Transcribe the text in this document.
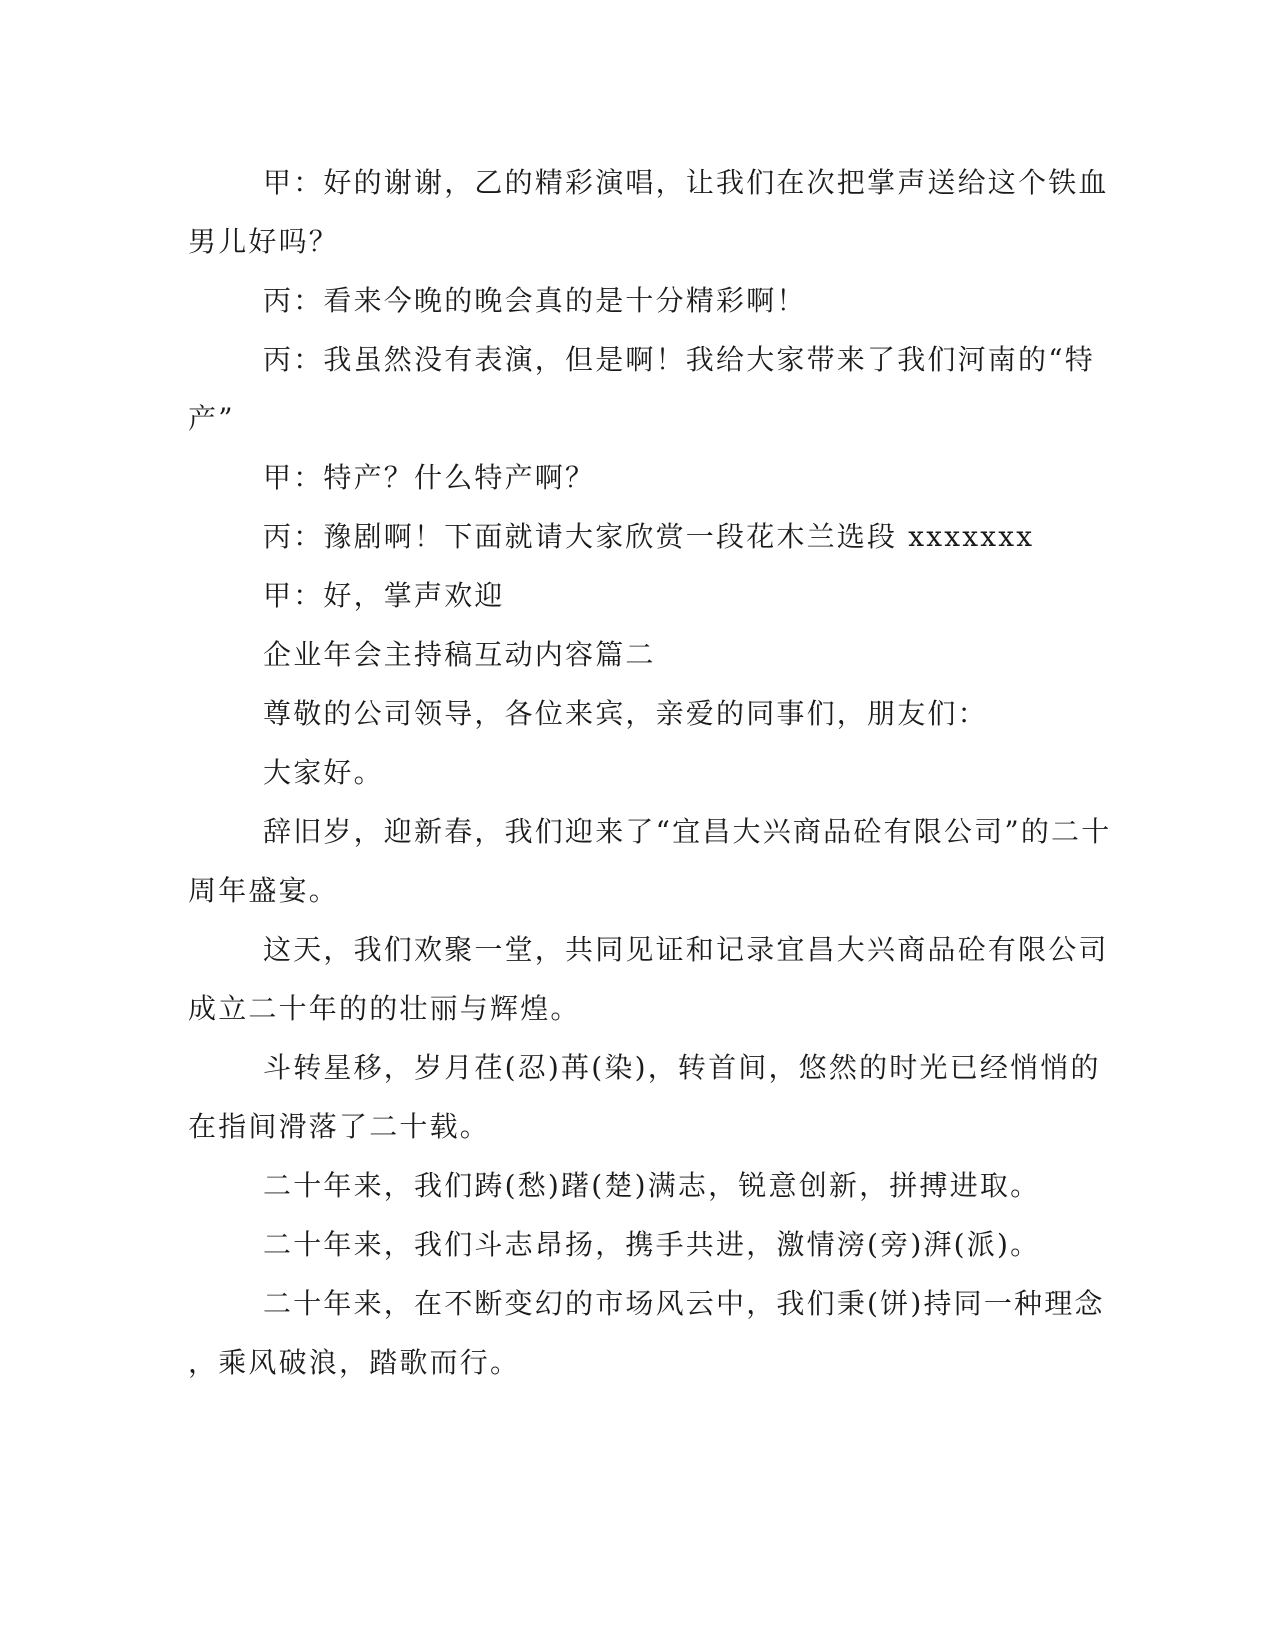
甲：好的谢谢，乙的精彩演唱，让我们在次把掌声送给这个铁血
男儿好吗？
丙：看来今晚的晚会真的是十分精彩啊！
丙：我虽然没有表演，但是啊！我给大家带来了我们河南的“特
产”
甲：特产？什么特产啊？
丙：豫剧啊！下面就请大家欣赏一段花木兰选段 xxxxxxx
甲：好，掌声欢迎
企业年会主持稿互动内容篇二
尊敬的公司领导，各位来宾，亲爱的同事们，朋友们：
大家好。
辞旧岁，迎新春，我们迎来了“宜昌大兴商品砼有限公司”的二十
周年盛宴。
这天，我们欢聚一堂，共同见证和记录宜昌大兴商品砼有限公司
成立二十年的的壮丽与辉煌。
斗转星移，岁月荏(忍)苒(染)，转首间，悠然的时光已经悄悄的
在指间滑落了二十载。
二十年来，我们踌(愁)躇(楚)满志，锐意创新，拼搏进取。
二十年来，我们斗志昂扬，携手共进，激情滂(旁)湃(派)。
二十年来，在不断变幻的市场风云中，我们秉(饼)持同一种理念
，乘风破浪，踏歌而行。
